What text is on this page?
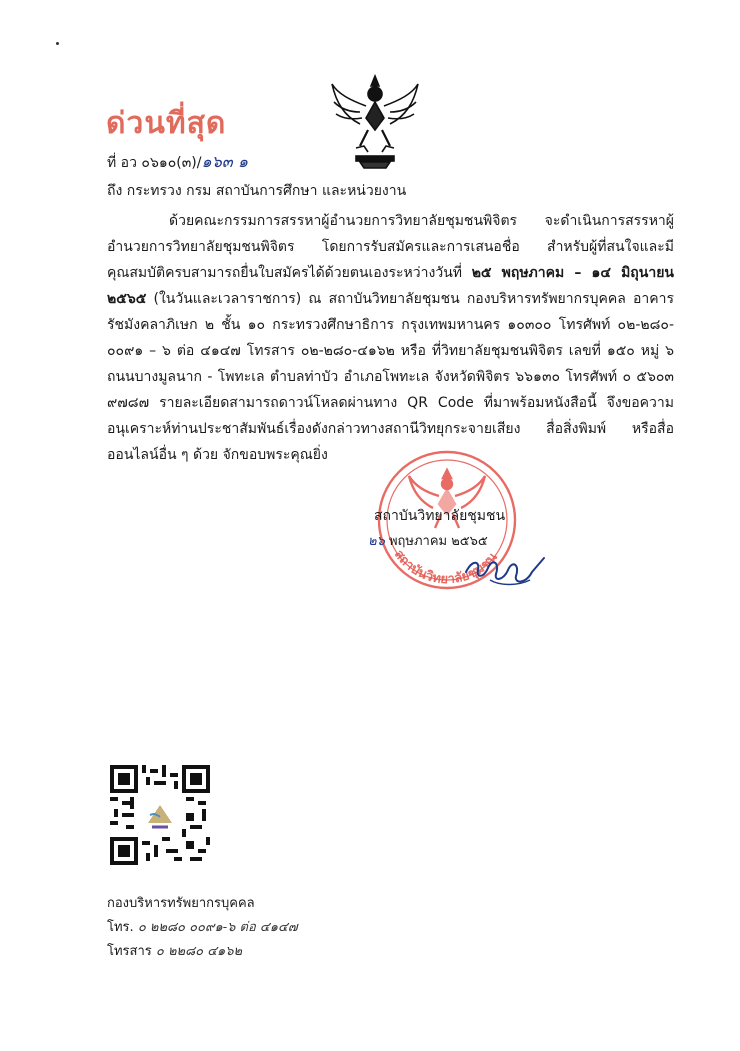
ด่วนที่สุด
ที่ อว ๐๖๑๐(๓)/๑๖๓ ๑
ถึง กระทรวง กรม สถาบันการศึกษา และหน่วยงาน
ด้วยคณะกรรมการสรรหาผู้อำนวยการวิทยาลัยชุมชนพิจิตร จะดำเนินการสรรหาผู้อำนวยการวิทยาลัยชุมชนพิจิตร โดยการรับสมัครและการเสนอชื่อ สำหรับผู้ที่สนใจและมีคุณสมบัติครบสามารถยื่นใบสมัครได้ด้วยตนเองระหว่างวันที่ ๒๕ พฤษภาคม – ๑๔ มิถุนายน ๒๕๖๕ (ในวันและเวลาราชการ) ณ สถาบันวิทยาลัยชุมชน กองบริหารทรัพยากรบุคคล อาคารรัชมังคลาภิเษก ๒ ชั้น ๑๐ กระทรวงศึกษาธิการ กรุงเทพมหานคร ๑๐๓๐๐ โทรศัพท์ ๐๒-๒๘๐- ๐๐๙๑ – ๖ ต่อ ๔๑๔๗ โทรสาร ๐๒-๒๘๐-๔๑๖๒ หรือ ที่วิทยาลัยชุมชนพิจิตร เลขที่ ๑๕๐ หมู่ ๖ ถนนบางมูลนาก - โพทะเล ตำบลท่าบัว อำเภอโพทะเล จังหวัดพิจิตร ๖๖๑๓๐ โทรศัพท์ ๐ ๕๖๐๓ ๙๗๘๗ รายละเอียดสามารถดาวน์โหลดผ่านทาง QR Code ที่มาพร้อมหนังสือนี้ จึงขอความอนุเคราะห์ท่านประชาสัมพันธ์เรื่องดังกล่าวทางสถานีวิทยุกระจายเสียง สื่อสิ่งพิมพ์ หรือสื่อออนไลน์อื่น ๆ ด้วย จักขอบพระคุณยิ่ง
สถาบันวิทยาลัยชุมชน
สถาบันวิทยาลัยชุมชน
๒๖ พฤษภาคม ๒๕๖๕
กองบริหารทรัพยากรบุคคล
โทร. ๐ ๒๒๘๐ ๐๐๙๑-๖ ต่อ ๔๑๔๗
โทรสาร ๐ ๒๒๘๐ ๔๑๖๒
